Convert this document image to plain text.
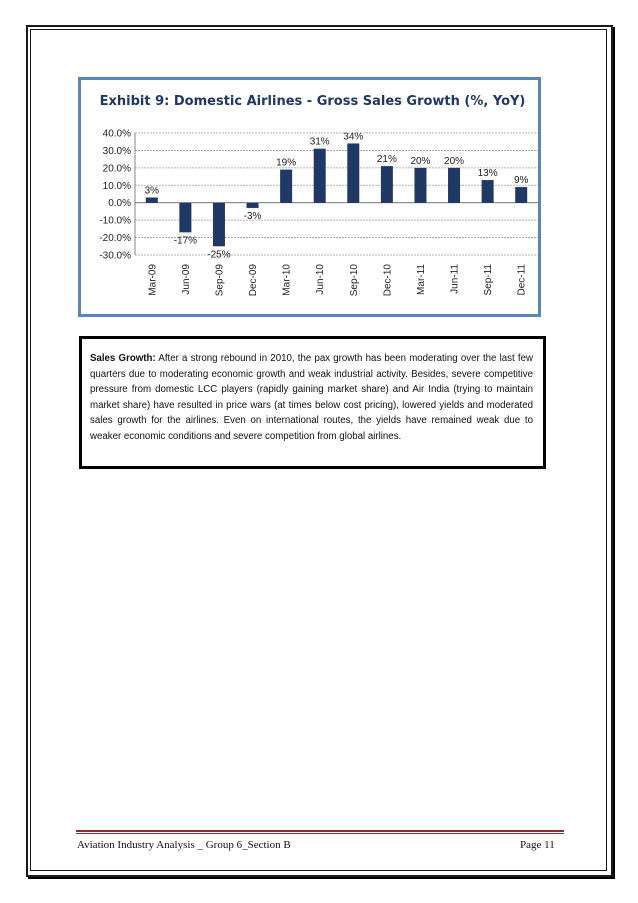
Exhibit 9: Domestic Airlines - Gross Sales Growth (%, YoY)
40.0%
30.0%
20.0%
10.0%
0.0%
-10.0%
-20.0%
-30.0%
3%
Mar-09
-17%
Jun-09
-25%
Sep-09
-3%
Dec-09
19%
Mar-10
31%
Jun-10
34%
Sep-10
21%
Dec-10
20%
Mar-11
20%
Jun-11
13%
Sep-11
9%
Dec-11

Sales Growth: After a strong rebound in 2010, the pax growth has been moderating over the last few quarters due to moderating economic growth and weak industrial activity. Besides, severe competitive pressure from domestic LCC players (rapidly gaining market share) and Air India (trying to maintain market share) have resulted in price wars (at times below cost pricing), lowered yields and moderated sales growth for the airlines. Even on international routes, the yields have remained weak due to weaker economic conditions and severe competition from global airlines.

Aviation Industry Analysis _ Group 6_Section B	Page 11
